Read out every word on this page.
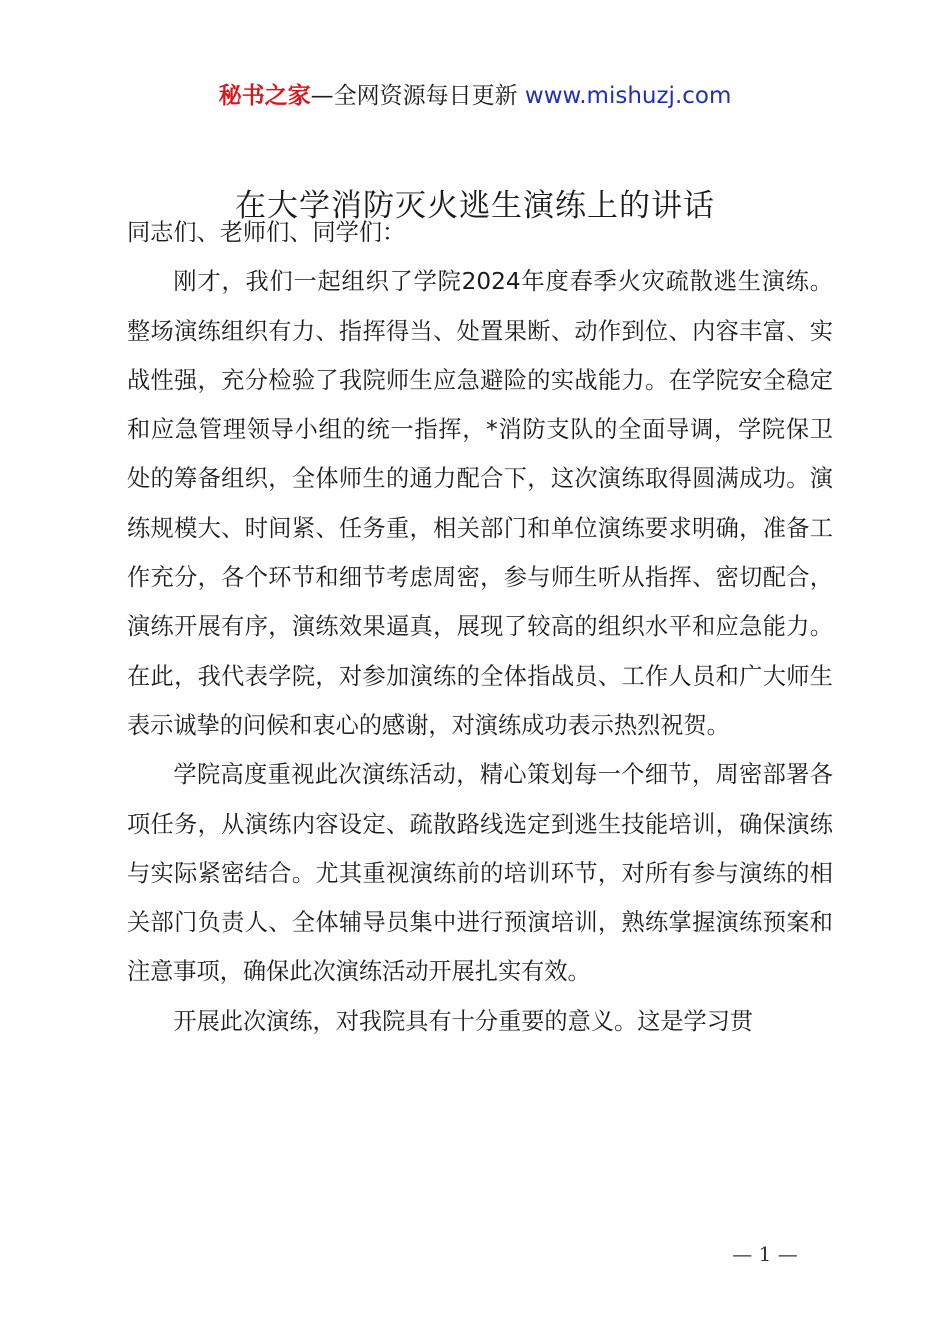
秘书之家—全网资源每日更新 www.mishuzj.com
在大学消防灭火逃生演练上的讲话

同志们、老师们、同学们：

刚才，我们一起组织了学院2024年度春季火灾疏散逃生演练。整场演练组织有力、指挥得当、处置果断、动作到位、内容丰富、实战性强，充分检验了我院师生应急避险的实战能力。在学院安全稳定和应急管理领导小组的统一指挥，*消防支队的全面导调，学院保卫处的筹备组织，全体师生的通力配合下，这次演练取得圆满成功。演练规模大、时间紧、任务重，相关部门和单位演练要求明确，准备工作充分，各个环节和细节考虑周密，参与师生听从指挥、密切配合，演练开展有序，演练效果逼真，展现了较高的组织水平和应急能力。在此，我代表学院，对参加演练的全体指战员、工作人员和广大师生表示诚挚的问候和衷心的感谢，对演练成功表示热烈祝贺。

学院高度重视此次演练活动，精心策划每一个细节，周密部署各项任务，从演练内容设定、疏散路线选定到逃生技能培训，确保演练与实际紧密结合。尤其重视演练前的培训环节，对所有参与演练的相关部门负责人、全体辅导员集中进行预演培训，熟练掌握演练预案和注意事项，确保此次演练活动开展扎实有效。

开展此次演练，对我院具有十分重要的意义。这是学习贯

— 1 —
